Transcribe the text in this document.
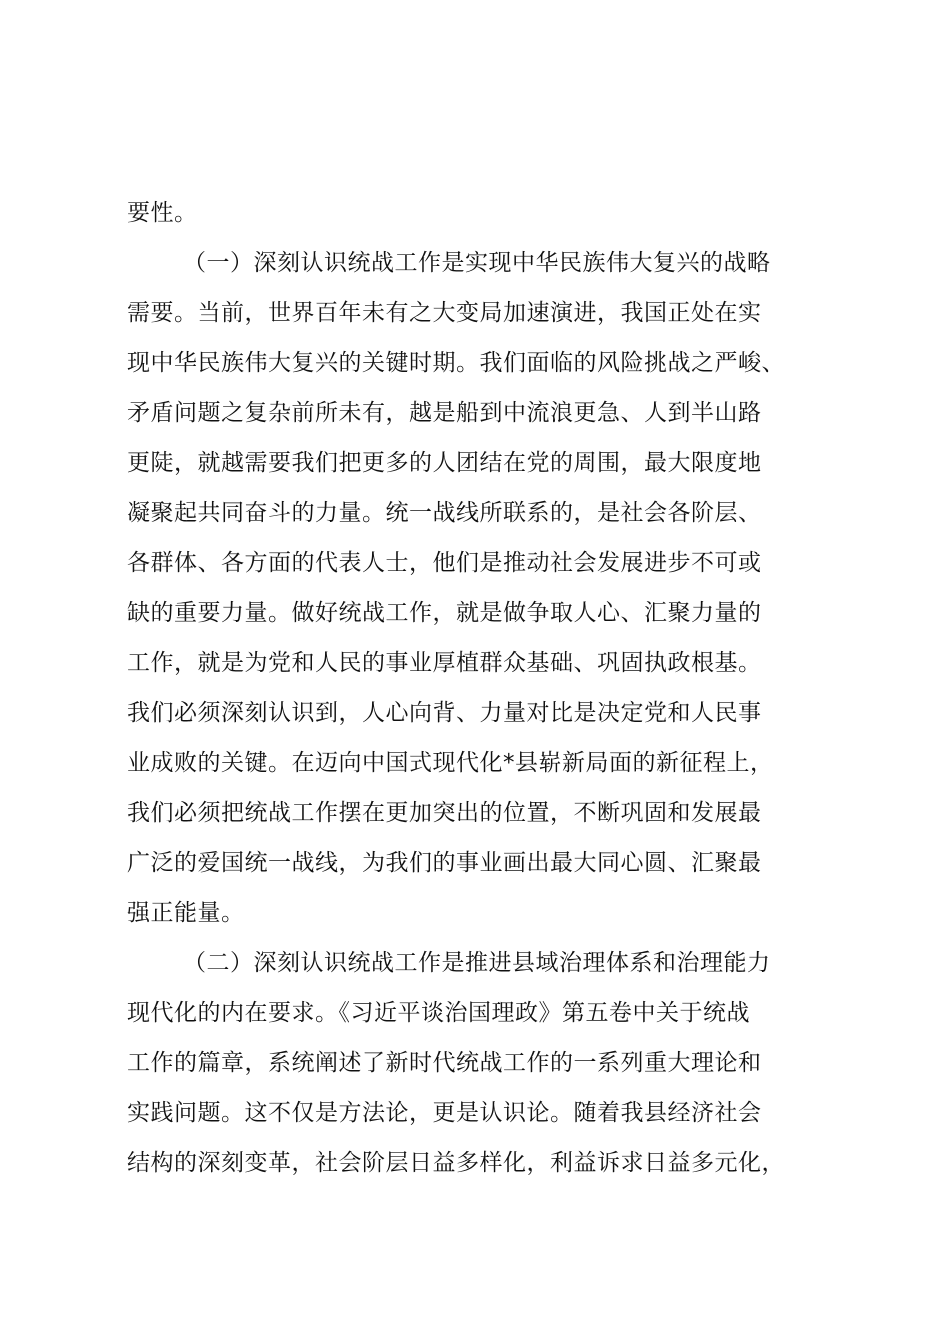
要性。
（一）深刻认识统战工作是实现中华民族伟大复兴的战略
需要。当前，世界百年未有之大变局加速演进，我国正处在实
现中华民族伟大复兴的关键时期。我们面临的风险挑战之严峻、
矛盾问题之复杂前所未有，越是船到中流浪更急、人到半山路
更陡，就越需要我们把更多的人团结在党的周围，最大限度地
凝聚起共同奋斗的力量。统一战线所联系的，是社会各阶层、
各群体、各方面的代表人士，他们是推动社会发展进步不可或
缺的重要力量。做好统战工作，就是做争取人心、汇聚力量的
工作，就是为党和人民的事业厚植群众基础、巩固执政根基。
我们必须深刻认识到，人心向背、力量对比是决定党和人民事
业成败的关键。在迈向中国式现代化*县崭新局面的新征程上，
我们必须把统战工作摆在更加突出的位置，不断巩固和发展最
广泛的爱国统一战线，为我们的事业画出最大同心圆、汇聚最
强正能量。
（二）深刻认识统战工作是推进县域治理体系和治理能力
现代化的内在要求。《习近平谈治国理政》第五卷中关于统战
工作的篇章，系统阐述了新时代统战工作的一系列重大理论和
实践问题。这不仅是方法论，更是认识论。随着我县经济社会
结构的深刻变革，社会阶层日益多样化，利益诉求日益多元化，
